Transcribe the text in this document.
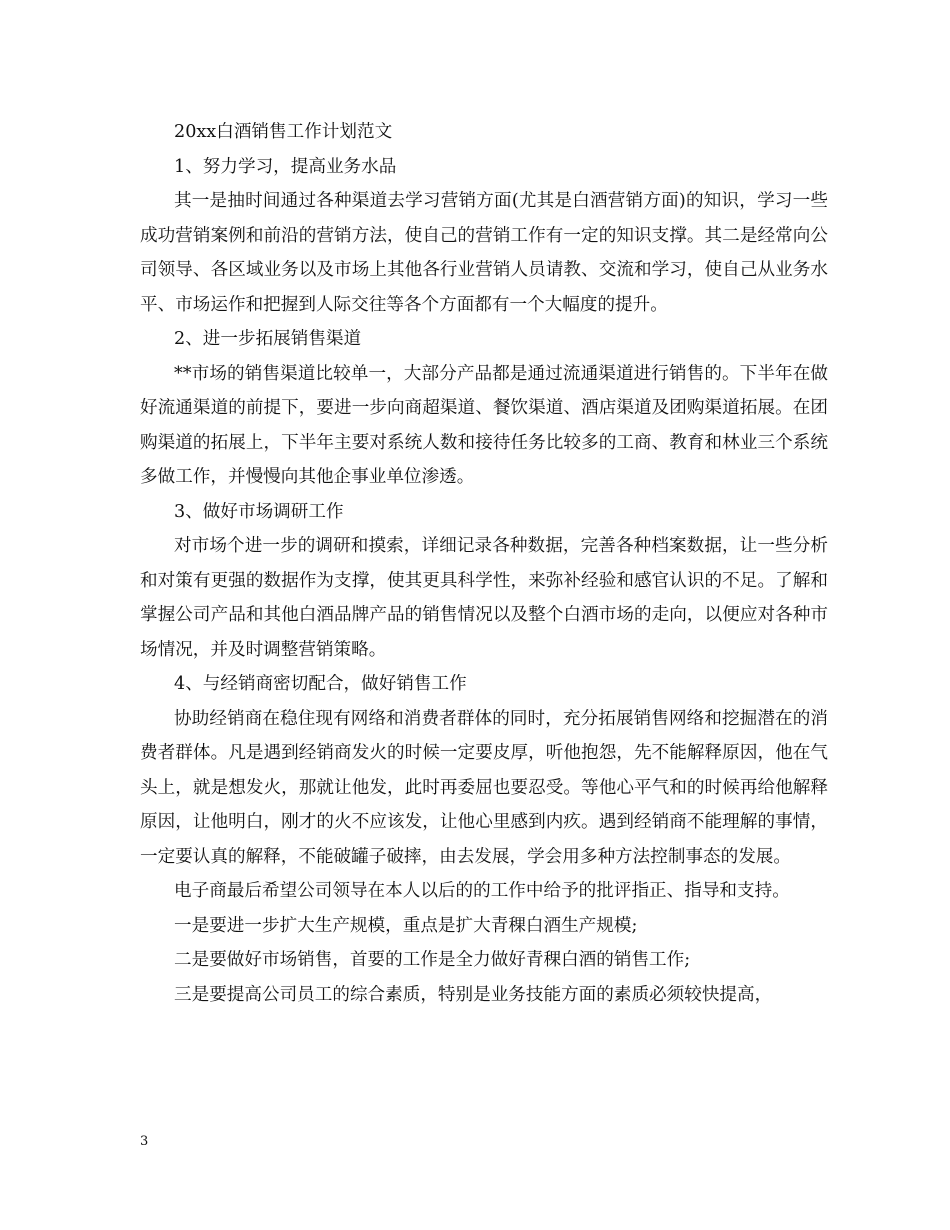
20xx白酒销售工作计划范文

1、努力学习，提高业务水品

其一是抽时间通过各种渠道去学习营销方面(尤其是白酒营销方面)的知识，学习一些成功营销案例和前沿的营销方法，使自己的营销工作有一定的知识支撑。其二是经常向公司领导、各区域业务以及市场上其他各行业营销人员请教、交流和学习，使自己从业务水平、市场运作和把握到人际交往等各个方面都有一个大幅度的提升。

2、进一步拓展销售渠道

**市场的销售渠道比较单一，大部分产品都是通过流通渠道进行销售的。下半年在做好流通渠道的前提下，要进一步向商超渠道、餐饮渠道、酒店渠道及团购渠道拓展。在团购渠道的拓展上，下半年主要对系统人数和接待任务比较多的工商、教育和林业三个系统多做工作，并慢慢向其他企事业单位渗透。

3、做好市场调研工作

对市场个进一步的调研和摸索，详细记录各种数据，完善各种档案数据，让一些分析和对策有更强的数据作为支撑，使其更具科学性，来弥补经验和感官认识的不足。了解和掌握公司产品和其他白酒品牌产品的销售情况以及整个白酒市场的走向，以便应对各种市场情况，并及时调整营销策略。

4、与经销商密切配合，做好销售工作

协助经销商在稳住现有网络和消费者群体的同时，充分拓展销售网络和挖掘潜在的消费者群体。凡是遇到经销商发火的时候一定要皮厚，听他抱怨，先不能解释原因，他在气头上，就是想发火，那就让他发，此时再委屈也要忍受。等他心平气和的时候再给他解释原因，让他明白，刚才的火不应该发，让他心里感到内疚。遇到经销商不能理解的事情，一定要认真的解释，不能破罐子破摔，由去发展，学会用多种方法控制事态的发展。

电子商最后希望公司领导在本人以后的的工作中给予的批评指正、指导和支持。

一是要进一步扩大生产规模，重点是扩大青稞白酒生产规模;

二是要做好市场销售，首要的工作是全力做好青稞白酒的销售工作;

三是要提高公司员工的综合素质，特别是业务技能方面的素质必须较快提高，

3
